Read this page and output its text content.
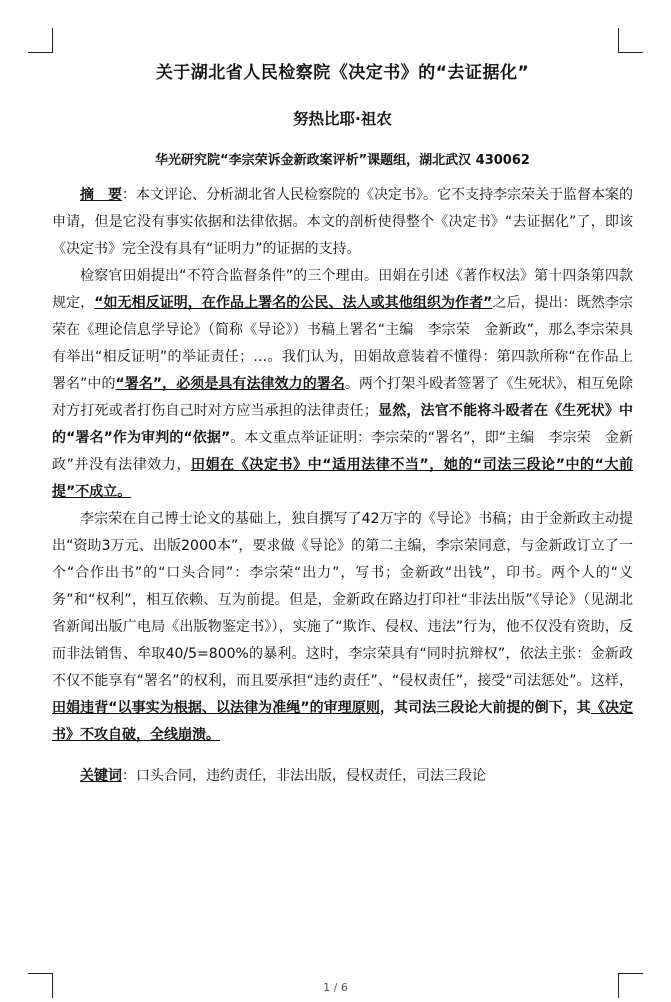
关于湖北省人民检察院《决定书》的“去证据化”
努热比耶·祖农
华光研究院“李宗荣诉金新政案评析”课题组，湖北武汉 430062

摘　要：本文评论、分析湖北省人民检察院的《决定书》。它不支持李宗荣关于监督本案的申请，但是它没有事实依据和法律依据。本文的剖析使得整个《决定书》“去证据化”了，即该《决定书》完全没有具有“证明力”的证据的支持。

检察官田娟提出“不符合监督条件”的三个理由。田娟在引述《著作权法》第十四条第四款规定，“如无相反证明，在作品上署名的公民、法人或其他组织为作者”之后，提出：既然李宗荣在《理论信息学导论》（简称《导论》）书稿上署名“主编　李宗荣　金新政”，那么李宗荣具有举出“相反证明”的举证责任；…。我们认为，田娟故意装着不懂得：第四款所称“在作品上署名”中的“署名”，必须是具有法律效力的署名。两个打架斗殴者签署了《生死状》，相互免除对方打死或者打伤自己时对方应当承担的法律责任；显然，法官不能将斗殴者在《生死状》中的“署名”作为审判的“依据”。本文重点举证证明：李宗荣的“署名”，即“主编　李宗荣　金新政”并没有法律效力，田娟在《决定书》中“适用法律不当”，她的“司法三段论”中的“大前提”不成立。

李宗荣在自己博士论文的基础上，独自撰写了42万字的《导论》书稿；由于金新政主动提出“资助3万元、出版2000本”，要求做《导论》的第二主编，李宗荣同意，与金新政订立了一个“合作出书”的“口头合同”：李宗荣“出力”，写书；金新政“出钱”，印书。两个人的“义务”和“权利”，相互依赖、互为前提。但是，金新政在路边打印社“非法出版”《导论》（见湖北省新闻出版广电局《出版物鉴定书》），实施了“欺诈、侵权、违法”行为，他不仅没有资助，反而非法销售、牟取40/5=800%的暴利。这时，李宗荣具有“同时抗辩权”，依法主张：金新政不仅不能享有“署名”的权利，而且要承担“违约责任”、“侵权责任”，接受“司法惩处”。这样，田娟违背“以事实为根据、以法律为准绳”的审理原则，其司法三段论大前提的倒下，其《决定书》不攻自破，全线崩溃。

关键词：口头合同，违约责任，非法出版，侵权责任，司法三段论

1 / 6
